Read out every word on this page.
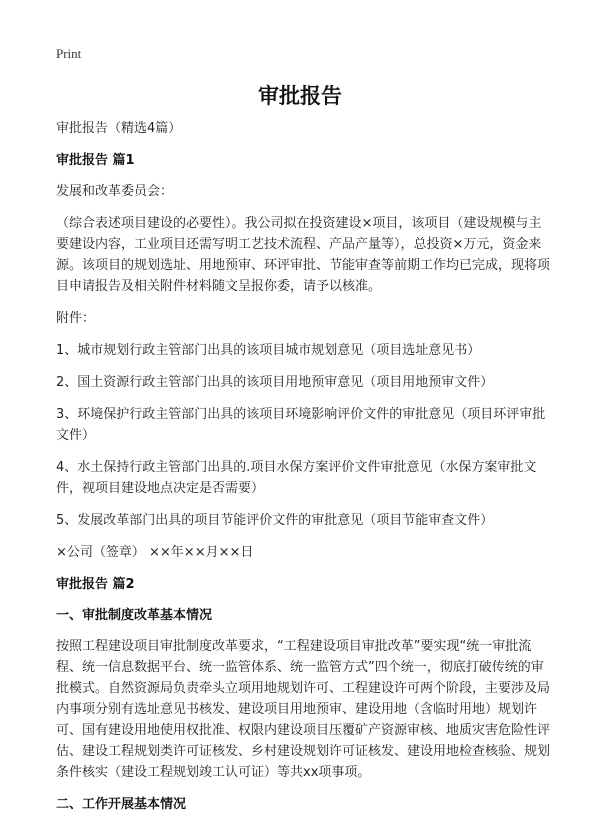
Print
审批报告

审批报告（精选4篇）

审批报告 篇1

发展和改革委员会：

（综合表述项目建设的必要性）。我公司拟在投资建设×项目，该项目（建设规模与主要建设内容，工业项目还需写明工艺技术流程、产品产量等），总投资×万元，资金来源。该项目的规划选址、用地预审、环评审批、节能审查等前期工作均已完成，现将项目申请报告及相关附件材料随文呈报你委，请予以核准。

附件：

1、城市规划行政主管部门出具的该项目城市规划意见（项目选址意见书）

2、国土资源行政主管部门出具的该项目用地预审意见（项目用地预审文件）

3、环境保护行政主管部门出具的该项目环境影响评价文件的审批意见（项目环评审批文件）

4、水土保持行政主管部门出具的.项目水保方案评价文件审批意见（水保方案审批文件，视项目建设地点决定是否需要）

5、发展改革部门出具的项目节能评价文件的审批意见（项目节能审查文件）

×公司（签章） ××年××月××日

审批报告 篇2

一、审批制度改革基本情况

按照工程建设项目审批制度改革要求，“工程建设项目审批改革”要实现“统一审批流程、统一信息数据平台、统一监管体系、统一监管方式”四个统一，彻底打破传统的审批模式。自然资源局负责牵头立项用地规划许可、工程建设许可两个阶段，主要涉及局内事项分别有选址意见书核发、建设项目用地预审、建设用地（含临时用地）规划许可、国有建设用地使用权批准、权限内建设项目压覆矿产资源审核、地质灾害危险性评估、建设工程规划类许可证核发、乡村建设规划许可证核发、建设用地检查核验、规划条件核实（建设工程规划竣工认可证）等共xx项事项。

二、工作开展基本情况
